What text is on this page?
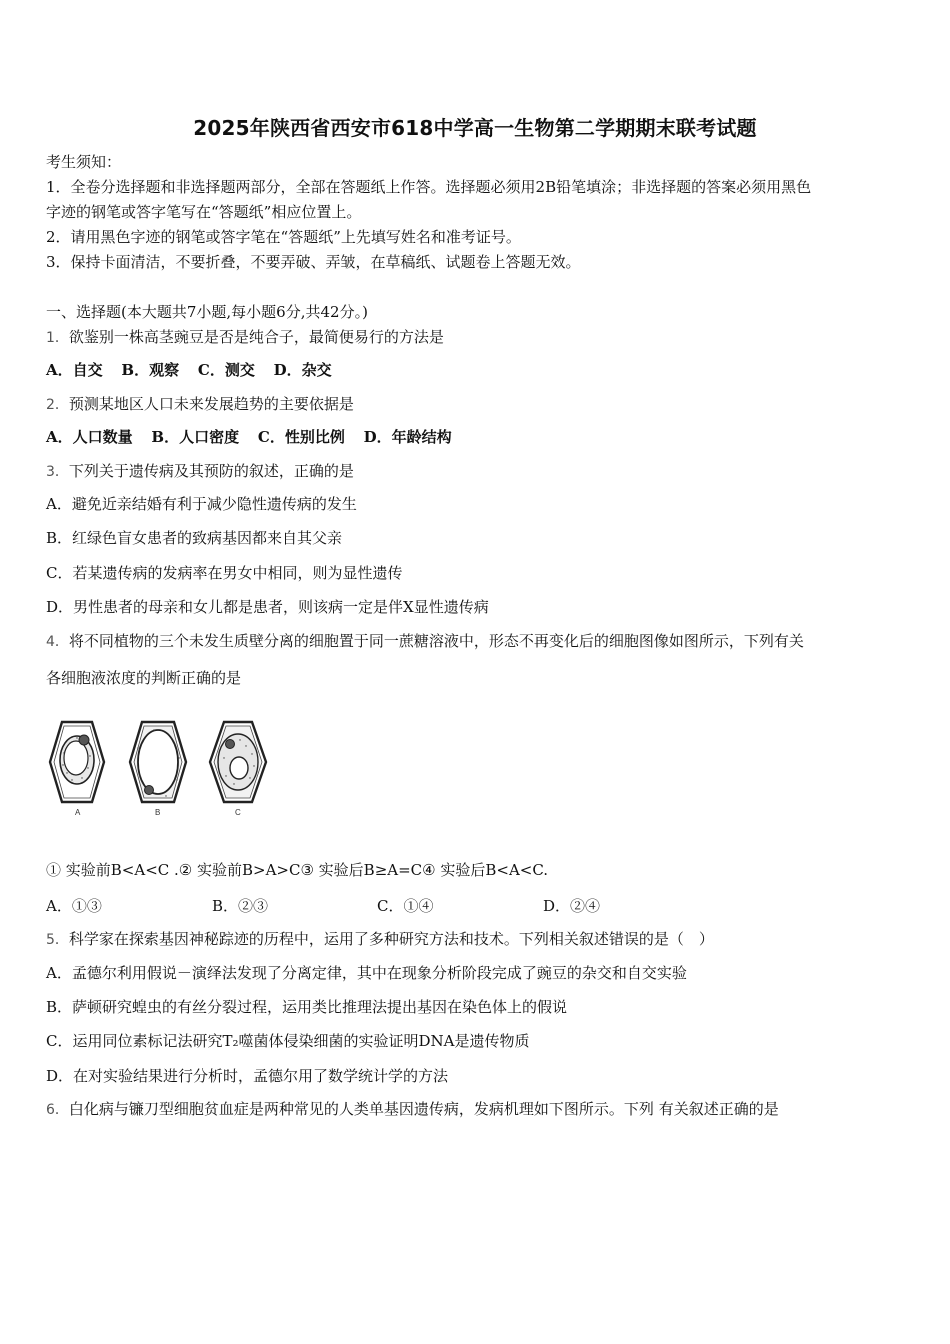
2025年陕西省西安市618中学高一生物第二学期期末联考试题
考生须知：
1．全卷分选择题和非选择题两部分，全部在答题纸上作答。选择题必须用2B铅笔填涂；非选择题的答案必须用黑色
字迹的钢笔或答字笔写在“答题纸”相应位置上。
2．请用黑色字迹的钢笔或答字笔在“答题纸”上先填写姓名和准考证号。
3．保持卡面清洁，不要折叠，不要弄破、弄皱，在草稿纸、试题卷上答题无效。
一、选择题(本大题共7小题,每小题6分,共42分。)
1．欲鉴别一株高茎豌豆是否是纯合子，最简便易行的方法是
A．自交 B．观察 C．测交 D．杂交
2．预测某地区人口未来发展趋势的主要依据是
A．人口数量 B．人口密度 C．性别比例 D．年龄结构
3．下列关于遗传病及其预防的叙述，正确的是
A．避免近亲结婚有利于减少隐性遗传病的发生
B．红绿色盲女患者的致病基因都来自其父亲
C．若某遗传病的发病率在男女中相同，则为显性遗传
D．男性患者的母亲和女儿都是患者，则该病一定是伴X显性遗传病
4．将不同植物的三个未发生质壁分离的细胞置于同一蔗糖溶液中，形态不再变化后的细胞图像如图所示，下列有关
各细胞液浓度的判断正确的是
A	B	C
① 实验前B<A<C .② 实验前B>A>C③ 实验后B≥A=C④ 实验后B<A<C.
A．①③	B．②③	C．①④	D．②④
5．科学家在探索基因神秘踪迹的历程中，运用了多种研究方法和技术。下列相关叙述错误的是（　）
A．孟德尔利用假说－演绎法发现了分离定律，其中在现象分析阶段完成了豌豆的杂交和自交实验
B．萨顿研究蝗虫的有丝分裂过程，运用类比推理法提出基因在染色体上的假说
C．运用同位素标记法研究T₂噬菌体侵染细菌的实验证明DNA是遗传物质
D．在对实验结果进行分析时，孟德尔用了数学统计学的方法
6．白化病与镰刀型细胞贫血症是两种常见的人类单基因遗传病，发病机理如下图所示。下列 有关叙述正确的是
